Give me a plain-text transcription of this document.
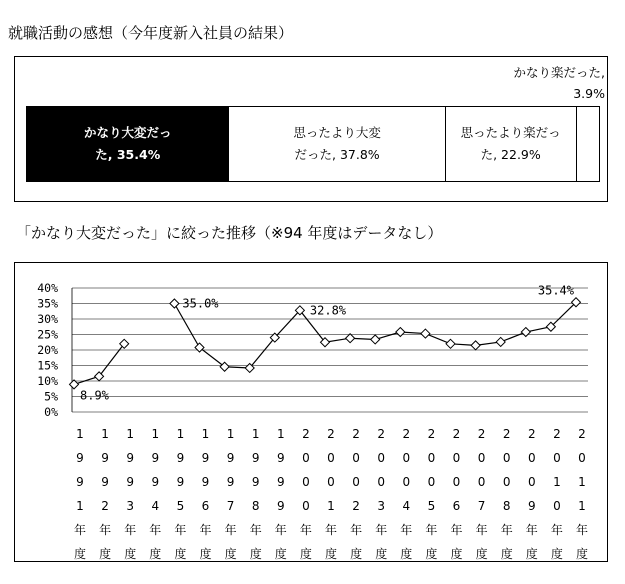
就職活動の感想（今年度新入社員の結果）
かなり楽だった,
3.9%
かなり大変だっ
た, 35.4%
思ったより大変
だった, 37.8%
思ったより楽だっ
た, 22.9%
「かなり大変だった」に絞った推移（※94 年度はデータなし）
0%
5%
10%
15%
20%
25%
30%
35%
40%
1
9
9
1
年
度
1
9
9
2
年
度
1
9
9
3
年
度
1
9
9
4
年
度
1
9
9
5
年
度
1
9
9
6
年
度
1
9
9
7
年
度
1
9
9
8
年
度
1
9
9
9
年
度
2
0
0
0
年
度
2
0
0
1
年
度
2
0
0
2
年
度
2
0
0
3
年
度
2
0
0
4
年
度
2
0
0
5
年
度
2
0
0
6
年
度
2
0
0
7
年
度
2
0
0
8
年
度
2
0
0
9
年
度
2
0
1
0
年
度
2
0
1
1
年
度
8.9%
35.0%	32.8%
35.4%
